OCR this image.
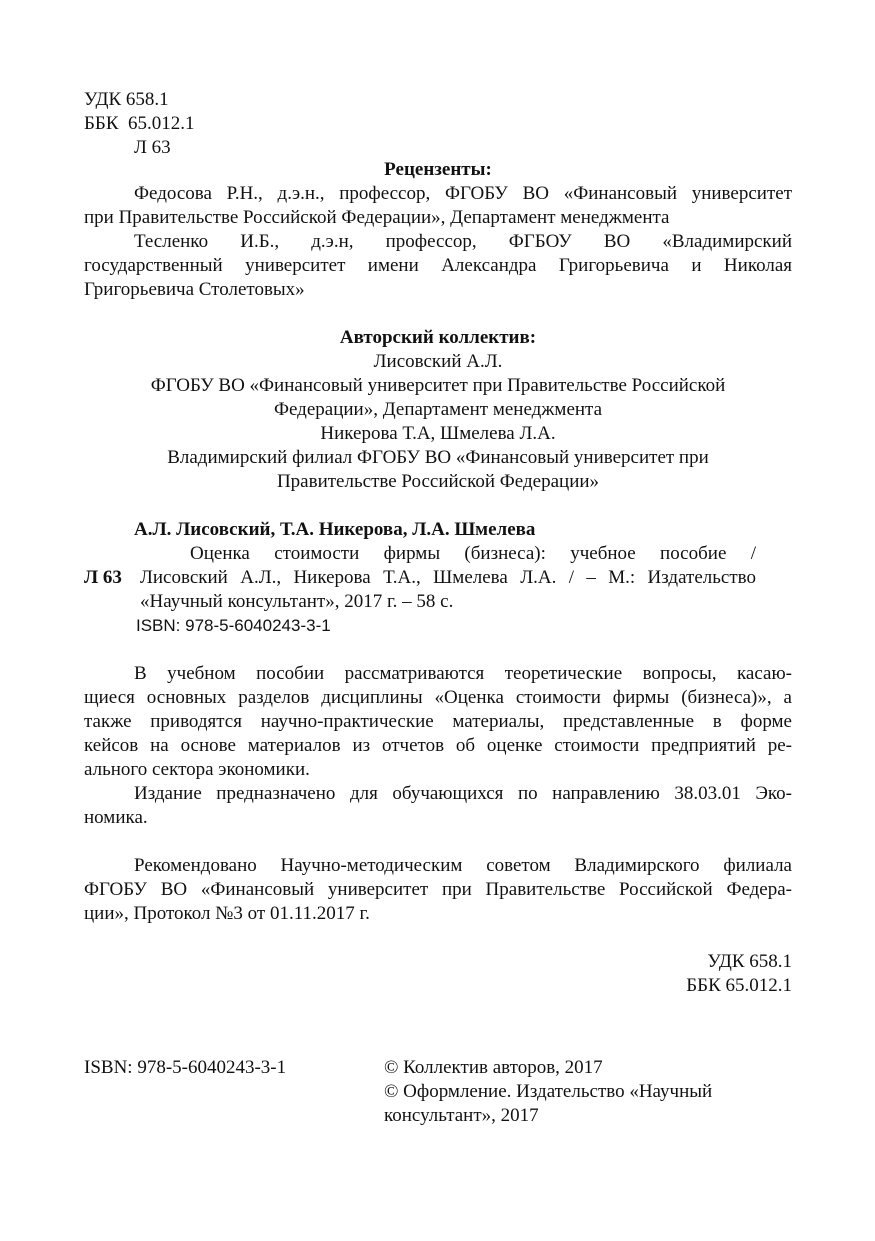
УДК 658.1
ББК  65.012.1
Л 63
Рецензенты:
Федосова Р.Н., д.э.н., профессор, ФГОБУ ВО «Финансовый университет
при Правительстве Российской Федерации», Департамент менеджмента
Тесленко   И.Б.,   д.э.н,   профессор,   ФГБОУ   ВО   «Владимирский
государственный университет имени Александра Григорьевича и Николая
Григорьевича Столетовых»
Авторский коллектив:
Лисовский А.Л.
ФГОБУ ВО «Финансовый университет при Правительстве Российской
Федерации», Департамент менеджмента
Никерова Т.А, Шмелева Л.А.
Владимирский филиал ФГОБУ ВО «Финансовый университет при
Правительстве Российской Федерации»
А.Л. Лисовский, Т.А. Никерова, Л.А. Шмелева
Оценка  стоимости  фирмы  (бизнеса):  учебное  пособие  /
Л 63 Лисовский А.Л., Никерова Т.А., Шмелева Л.А. / – М.: Издательство
«Научный консультант», 2017 г. – 58 с.
ISBN: 978-5-6040243-3-1
В учебном пособии рассматриваются теоретические вопросы, касаю-
щиеся основных разделов дисциплины «Оценка стоимости фирмы (бизнеса)», а
также приводятся научно-практические материалы, представленные в форме
кейсов на основе материалов из отчетов об оценке стоимости предприятий ре-
ального сектора экономики.
Издание предназначено для обучающихся по направлению 38.03.01 Эко-
номика.
Рекомендовано Научно-методическим советом Владимирского филиала
ФГОБУ ВО «Финансовый университет при Правительстве Российской Федера-
ции», Протокол №3 от 01.11.2017 г.
УДК 658.1
ББК 65.012.1
ISBN: 978-5-6040243-3-1	© Коллектив авторов, 2017
© Оформление. Издательство «Научный
консультант», 2017
